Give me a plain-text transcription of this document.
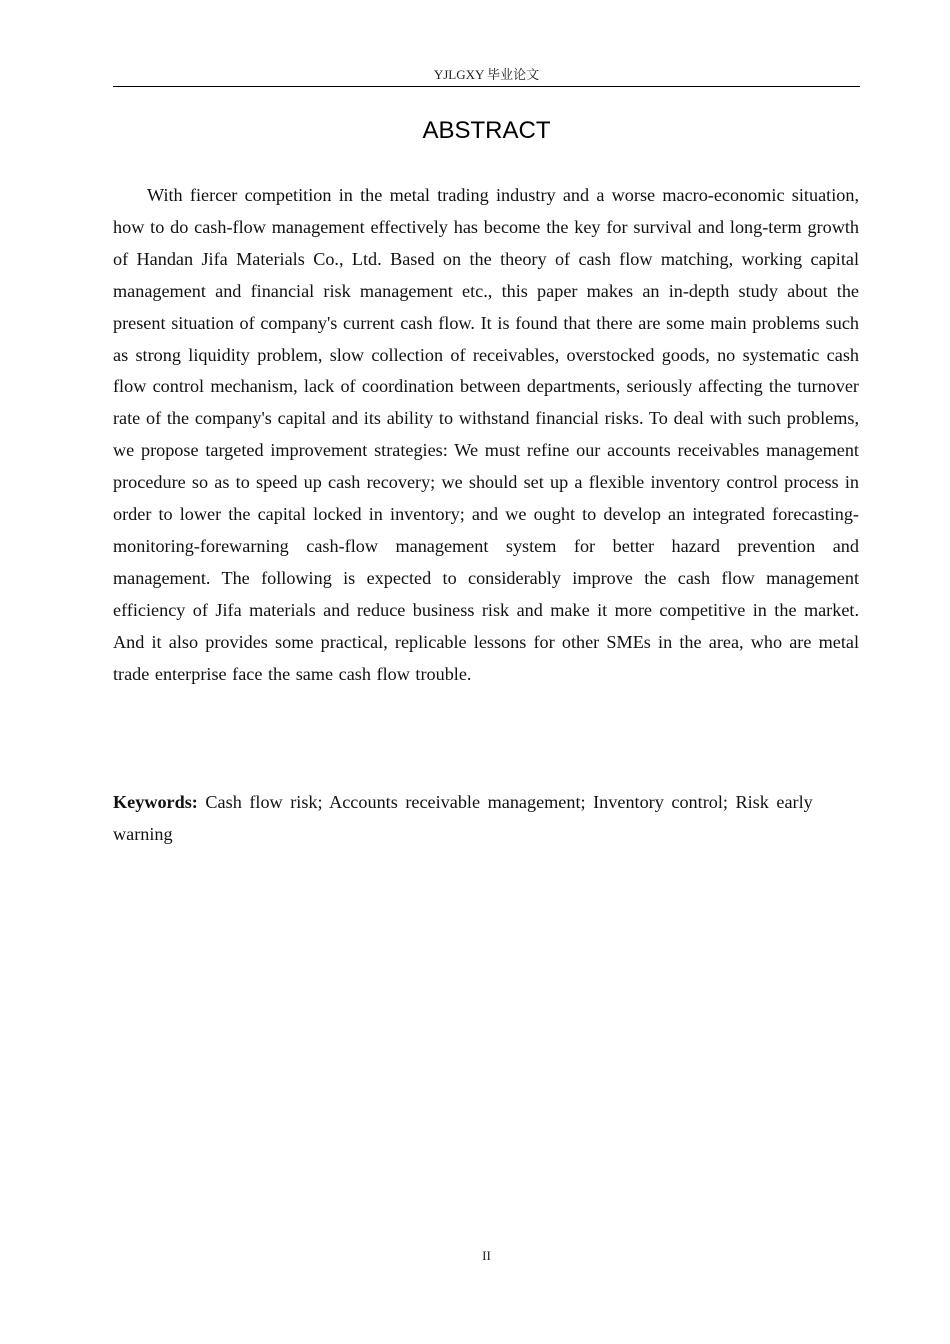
YJLGXY 毕业论文
ABSTRACT

With fiercer competition in the metal trading industry and a worse macro-economic situation, how to do cash-flow management effectively has become the key for survival and long-term growth of Handan Jifa Materials Co., Ltd. Based on the theory of cash flow matching, working capital management and financial risk management etc., this paper makes an in-depth study about the present situation of company's current cash flow. It is found that there are some main problems such as strong liquidity problem, slow collection of receivables, overstocked goods, no systematic cash flow control mechanism, lack of coordination between departments, seriously affecting the turnover rate of the company's capital and its ability to withstand financial risks. To deal with such problems, we propose targeted improvement strategies: We must refine our accounts receivables management procedure so as to speed up cash recovery; we should set up a flexible inventory control process in order to lower the capital locked in inventory; and we ought to develop an integrated forecasting-monitoring-forewarning cash-flow management system for better hazard prevention and management. The following is expected to considerably improve the cash flow management efficiency of Jifa materials and reduce business risk and make it more competitive in the market. And it also provides some practical, replicable lessons for other SMEs in the area, who are metal trade enterprise face the same cash flow trouble.

Keywords: Cash flow risk; Accounts receivable management; Inventory control; Risk early warning

II
